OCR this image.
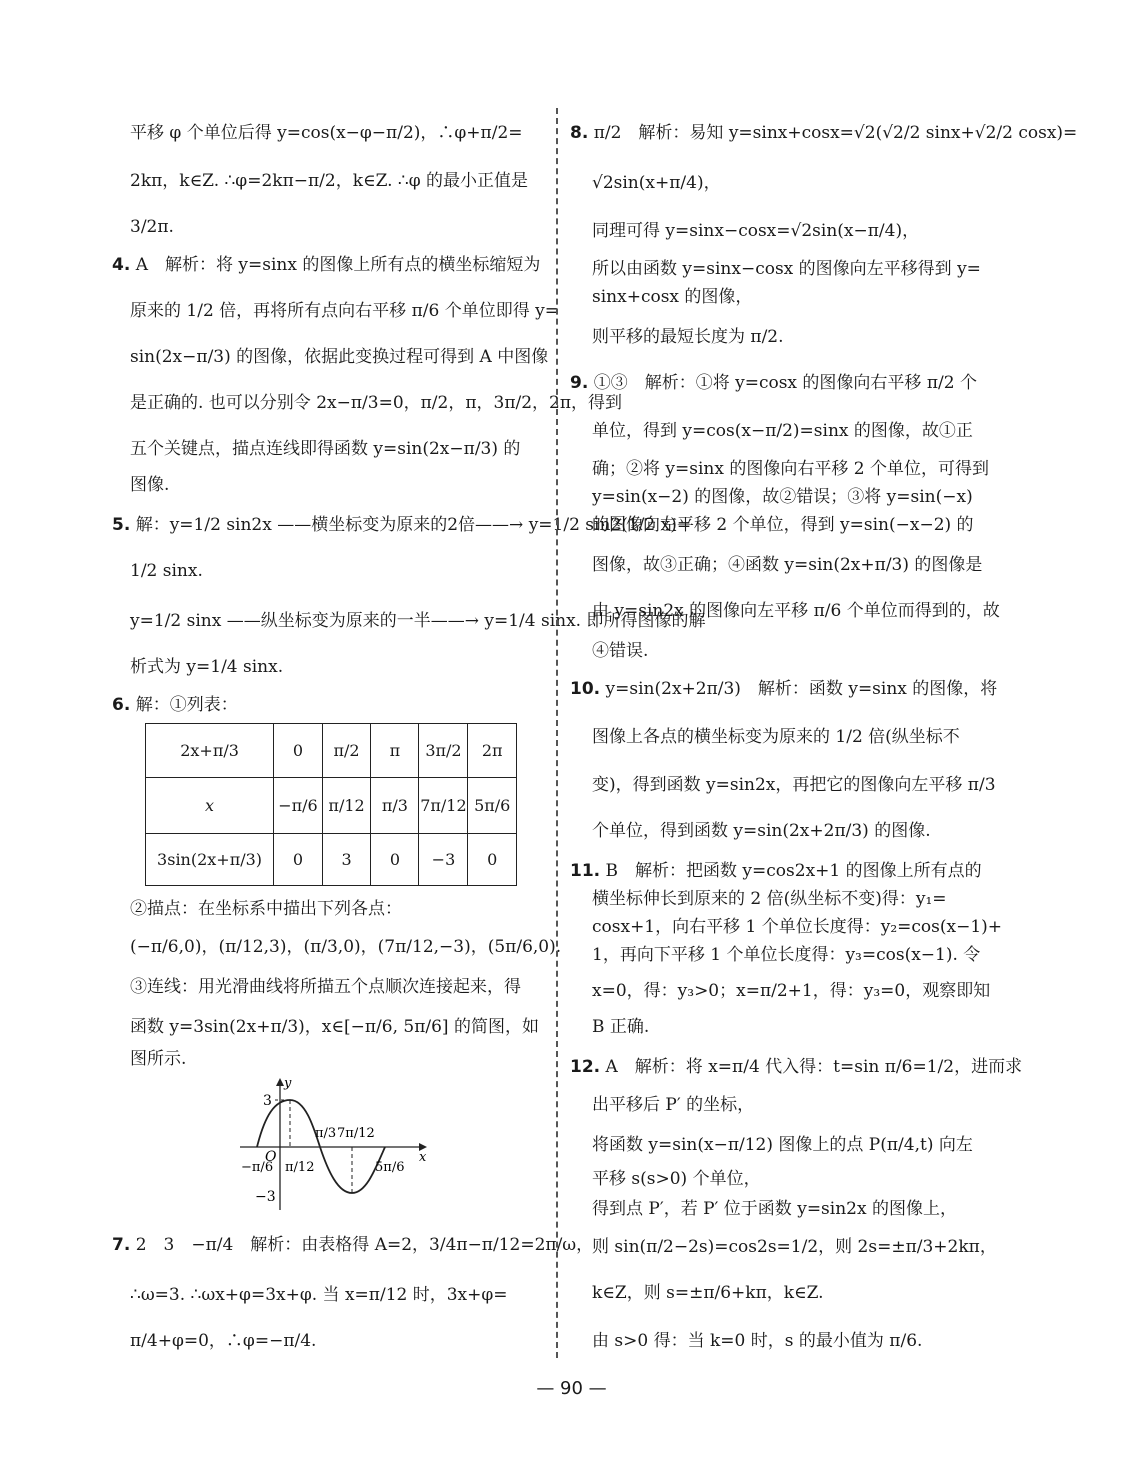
平移 φ 个单位后得 y=cos(x−φ−π/2)，∴φ+π/2=
2kπ，k∈Z. ∴φ=2kπ−π/2，k∈Z. ∴φ 的最小正值是
3/2π.
4. A　解析：将 y=sinx 的图像上所有点的横坐标缩短为
原来的 1/2 倍，再将所有点向右平移 π/6 个单位即得 y=
sin(2x−π/3) 的图像，依据此变换过程可得到 A 中图像
是正确的. 也可以分别令 2x−π/3=0，π/2，π，3π/2，2π，得到
五个关键点，描点连线即得函数 y=sin(2x−π/3) 的
图像.
5. 解：y=1/2 sin2x ——横坐标变为原来的2倍——→ y=1/2 sin2(1/2 x)=
1/2 sinx.
y=1/2 sinx ——纵坐标变为原来的一半——→ y=1/4 sinx. 即所得图像的解
析式为 y=1/4 sinx.
6. 解：①列表：
2x+π/3	0	π/2	π	3π/2	2π
x	−π/6	π/12	π/3	7π/12	5π/6
3sin(2x+π/3)	0	3	0	−3	0
②描点：在坐标系中描出下列各点：
(−π/6,0)，(π/12,3)，(π/3,0)，(7π/12,−3)，(5π/6,0).
③连线：用光滑曲线将所描五个点顺次连接起来，得
函数 y=3sin(2x+π/3)，x∈[−π/6, 5π/6] 的简图，如
图所示.
y
x
O
3
−3
π/3 7π/12
−π/6 π/12	5π/6
7. 2　3　−π/4　解析：由表格得 A=2，3/4π−π/12=2π/ω，
∴ω=3. ∴ωx+φ=3x+φ. 当 x=π/12 时，3x+φ=
π/4+φ=0，∴φ=−π/4.
8. π/2　解析：易知 y=sinx+cosx=√2(√2/2 sinx+√2/2 cosx)=
√2sin(x+π/4)，
同理可得 y=sinx−cosx=√2sin(x−π/4)，
所以由函数 y=sinx−cosx 的图像向左平移得到 y=
sinx+cosx 的图像，
则平移的最短长度为 π/2.
9. ①③　解析：①将 y=cosx 的图像向右平移 π/2 个
单位，得到 y=cos(x−π/2)=sinx 的图像，故①正
确；②将 y=sinx 的图像向右平移 2 个单位，可得到
y=sin(x−2) 的图像，故②错误；③将 y=sin(−x)
的图像向左平移 2 个单位，得到 y=sin(−x−2) 的
图像，故③正确；④函数 y=sin(2x+π/3) 的图像是
由 y=sin2x 的图像向左平移 π/6 个单位而得到的，故
④错误.
10. y=sin(2x+2π/3)　解析：函数 y=sinx 的图像，将
图像上各点的横坐标变为原来的 1/2 倍(纵坐标不
变)，得到函数 y=sin2x，再把它的图像向左平移 π/3
个单位，得到函数 y=sin(2x+2π/3) 的图像.
11. B　解析：把函数 y=cos2x+1 的图像上所有点的
横坐标伸长到原来的 2 倍(纵坐标不变)得：y₁=
cosx+1，向右平移 1 个单位长度得：y₂=cos(x−1)+
1，再向下平移 1 个单位长度得：y₃=cos(x−1). 令
x=0，得：y₃>0；x=π/2+1，得：y₃=0，观察即知
B 正确.
12. A　解析：将 x=π/4 代入得：t=sin π/6=1/2，进而求
出平移后 P′ 的坐标，
将函数 y=sin(x−π/12) 图像上的点 P(π/4,t) 向左
平移 s(s>0) 个单位，
得到点 P′，若 P′ 位于函数 y=sin2x 的图像上，
则 sin(π/2−2s)=cos2s=1/2，则 2s=±π/3+2kπ，
k∈Z，则 s=±π/6+kπ，k∈Z.
由 s>0 得：当 k=0 时，s 的最小值为 π/6.
— 90 —
